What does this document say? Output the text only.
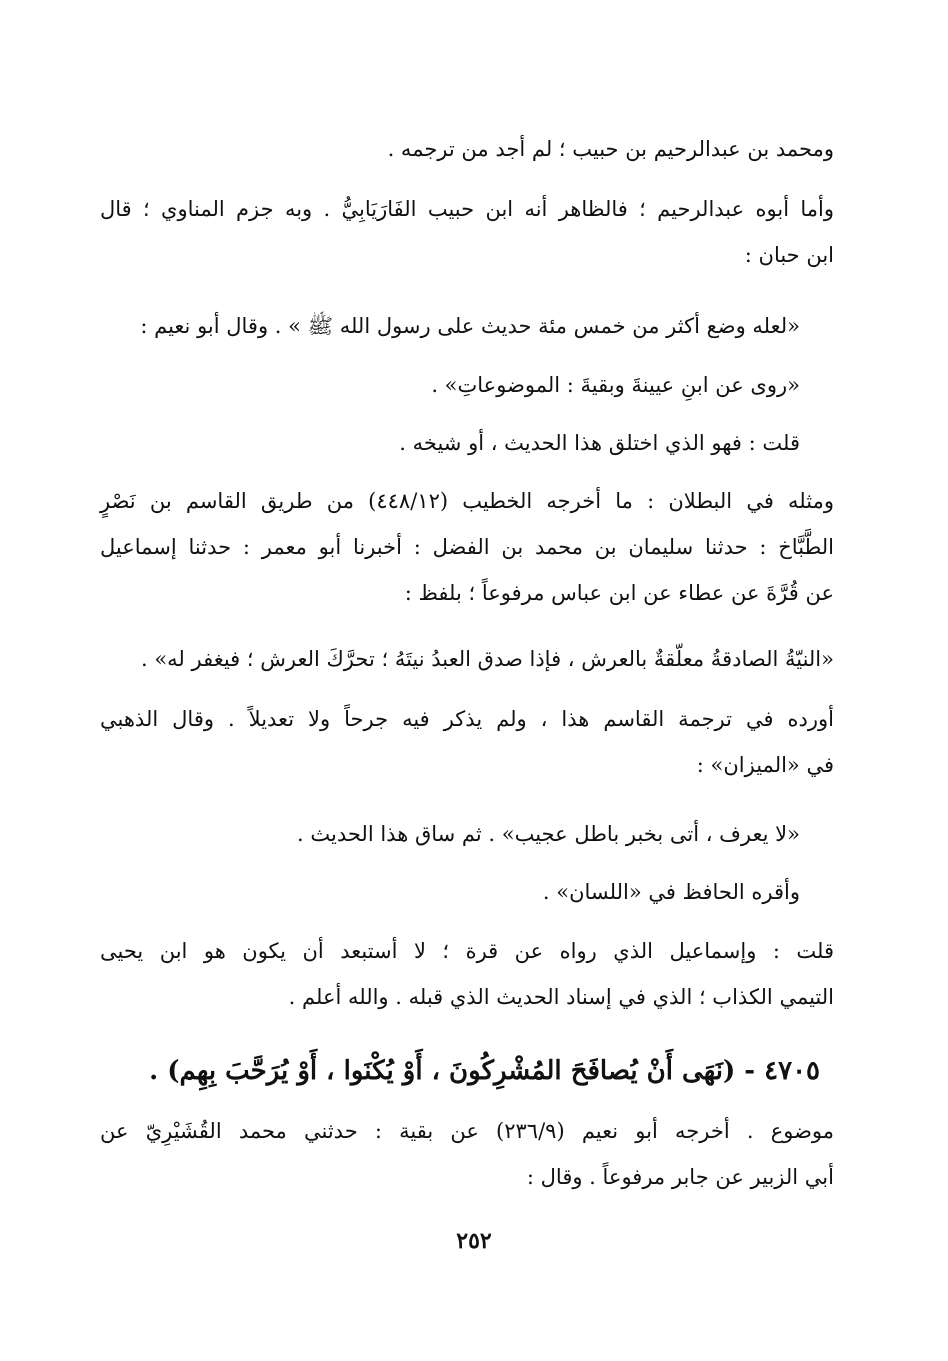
ومحمد بن عبدالرحيم بن حبيب ؛ لم أجد من ترجمه .
وأما أبوه عبدالرحيم ؛ فالظاهر أنه ابن حبيب الفَارَيَابِيُّ . وبه جزم المناوي ؛ قال
ابن حبان :
«لعله وضع أكثر من خمس مئة حديث على رسول الله ﷺ » . وقال أبو نعيم :
«روى عن ابنِ عيينةَ وبقيةَ : الموضوعاتِ» .
قلت : فهو الذي اختلق هذا الحديث ، أو شيخه .
ومثله في البطلان : ما أخرجه الخطيب (٤٤٨/١٢) من طريق القاسم بن نَصْرٍ
الطَّبَّاخ : حدثنا سليمان بن محمد بن الفضل : أخبرنا أبو معمر : حدثنا إسماعيل
عن قُرَّةَ عن عطاء عن ابن عباس مرفوعاً ؛ بلفظ :
«النيّةُ الصادقةُ معلّقةٌ بالعرش ، فإذا صدق العبدُ نيتَهُ ؛ تحرَّكَ العرش ؛ فيغفر له» .
أورده في ترجمة القاسم هذا ، ولم يذكر فيه جرحاً ولا تعديلاً . وقال الذهبي
في «الميزان» :
«لا يعرف ، أتى بخبر باطل عجيب» . ثم ساق هذا الحديث .
وأقره الحافظ في «اللسان» .
قلت : وإسماعيل الذي رواه عن قرة ؛ لا أستبعد أن يكون هو ابن يحيى
التيمي الكذاب ؛ الذي في إسناد الحديث الذي قبله . والله أعلم .
٤٧٠٥ - (نَهَى أَنْ يُصافَحَ المُشْرِكُونَ ، أَوْ يُكْنَوا ، أَوْ يُرَحَّبَ بِهِم) .
موضوع . أخرجه أبو نعيم (٢٣٦/٩) عن بقية : حدثني محمد القُشَيْرِيّ عن
أبي الزبير عن جابر مرفوعاً . وقال :
٢٥٢
